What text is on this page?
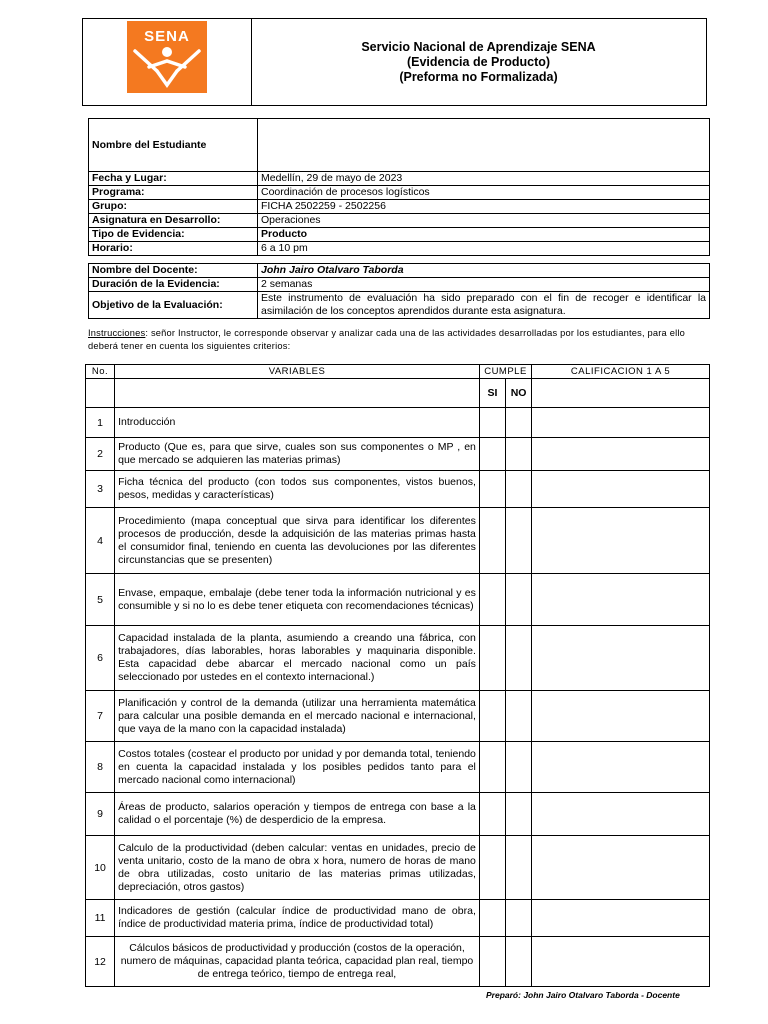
SENA
Servicio Nacional de Aprendizaje SENA
(Evidencia de Producto)
(Preforma no Formalizada)
Nombre del Estudiante	
Fecha y Lugar:	Medellín, 29 de mayo de 2023
Programa:	Coordinación de procesos logísticos
Grupo:	FICHA 2502259 - 2502256
Asignatura en Desarrollo:	Operaciones
Tipo de Evidencia:	Producto
Horario:	6 a 10 pm
Nombre del Docente:	John Jairo Otalvaro Taborda
Duración de la Evidencia:	2 semanas
Objetivo de la Evaluación:	Este instrumento de evaluación ha sido preparado con el fin de recoger e identificar la asimilación de los conceptos aprendidos durante esta asignatura.
Instrucciones: señor Instructor, le corresponde observar y analizar cada una de las actividades desarrolladas por los estudiantes, para ello deberá tener en cuenta los siguientes criterios:
No.	VARIABLES	CUMPLE		CALIFICACION 1 A 5
		SI	NO	
1	Introducción			
2	Producto (Que es, para que sirve, cuales son sus componentes o MP , en que mercado se adquieren las materias primas)			
3	Ficha técnica del producto (con todos sus componentes, vistos buenos, pesos, medidas y características)			
4	Procedimiento (mapa conceptual que sirva para identificar los diferentes procesos de producción, desde la adquisición de las materias primas hasta el consumidor final, teniendo en cuenta las devoluciones por las diferentes circunstancias que se presenten)			
5	Envase, empaque, embalaje (debe tener toda la información nutricional y es consumible y si no lo es debe tener etiqueta con recomendaciones técnicas)			
6	Capacidad instalada de la planta, asumiendo a creando una fábrica, con trabajadores, días laborables, horas laborables y maquinaria disponible. Esta capacidad debe abarcar el mercado nacional como un país seleccionado por ustedes en el contexto internacional.)			
7	Planificación y control de la demanda (utilizar una herramienta matemática para calcular una posible demanda en el mercado nacional e internacional, que vaya de la mano con la capacidad instalada)			
8	Costos totales (costear el producto por unidad y por demanda total, teniendo en cuenta la capacidad instalada y los posibles pedidos tanto para el mercado nacional como internacional)			
9	Áreas de producto, salarios operación y tiempos de entrega con base a la calidad o el porcentaje (%) de desperdicio de la empresa.			
10	Calculo de la productividad (deben calcular: ventas en unidades, precio de venta unitario, costo de la mano de obra x hora, numero de horas de mano de obra utilizadas, costo unitario de las materias primas utilizadas, depreciación, otros gastos)			
11	Indicadores de gestión (calcular índice de productividad mano de obra, índice de productividad materia prima, índice de productividad total)			
12	Cálculos básicos de productividad y producción (costos de la operación, numero de máquinas, capacidad planta teórica, capacidad plan real, tiempo de entrega teórico, tiempo de entrega real,			
Preparó: John Jairo Otalvaro Taborda - Docente
